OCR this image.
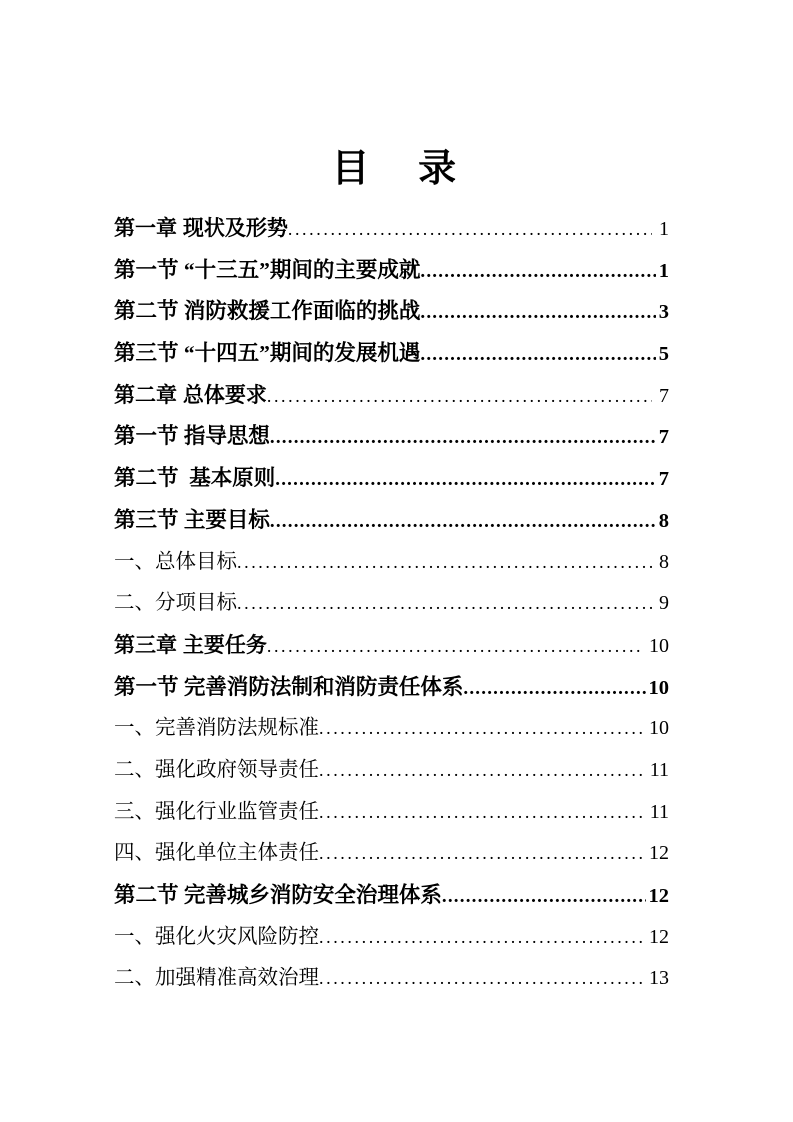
目　录
第一章 现状及形势 .....	1
第一节 “十三五”期间的主要成就 .....	1
第二节 消防救援工作面临的挑战 .....	3
第三节 “十四五”期间的发展机遇 .....	5
第二章 总体要求 .....	7
第一节 指导思想 .....	7
第二节  基本原则 .....	7
第三节 主要目标 .....	8
一、总体目标 .....	8
二、分项目标 .....	9
第三章 主要任务 .....	10
第一节 完善消防法制和消防责任体系 .....	10
一、完善消防法规标准 .....	10
二、强化政府领导责任 .....	11
三、强化行业监管责任 .....	11
四、强化单位主体责任 .....	12
第二节 完善城乡消防安全治理体系 .....	12
一、强化火灾风险防控 .....	12
二、加强精准高效治理 .....	13
